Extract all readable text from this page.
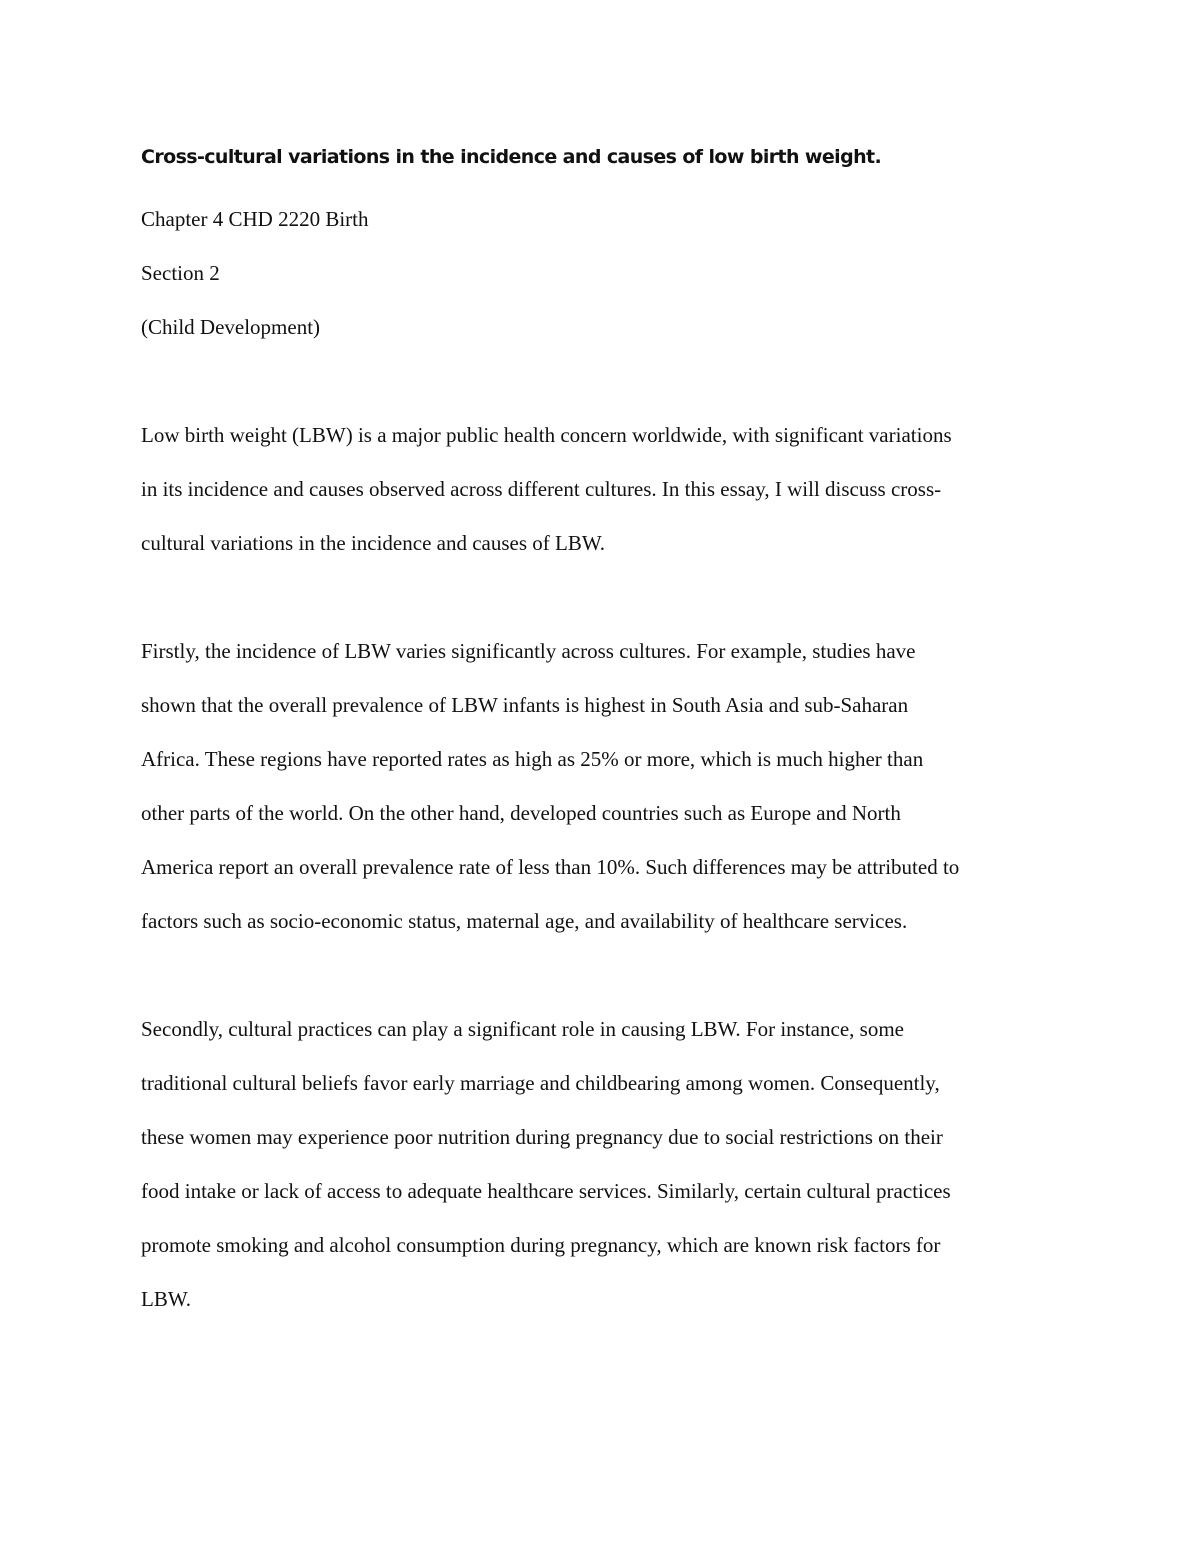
Cross-cultural variations in the incidence and causes of low birth weight.

Chapter 4 CHD 2220 Birth

Section 2

(Child Development)

Low birth weight (LBW) is a major public health concern worldwide, with significant variations
in its incidence and causes observed across different cultures. In this essay, I will discuss cross-
cultural variations in the incidence and causes of LBW.
Firstly, the incidence of LBW varies significantly across cultures. For example, studies have
shown that the overall prevalence of LBW infants is highest in South Asia and sub-Saharan
Africa. These regions have reported rates as high as 25% or more, which is much higher than
other parts of the world. On the other hand, developed countries such as Europe and North
America report an overall prevalence rate of less than 10%. Such differences may be attributed to
factors such as socio-economic status, maternal age, and availability of healthcare services.
Secondly, cultural practices can play a significant role in causing LBW. For instance, some
traditional cultural beliefs favor early marriage and childbearing among women. Consequently,
these women may experience poor nutrition during pregnancy due to social restrictions on their
food intake or lack of access to adequate healthcare services. Similarly, certain cultural practices
promote smoking and alcohol consumption during pregnancy, which are known risk factors for
LBW.
